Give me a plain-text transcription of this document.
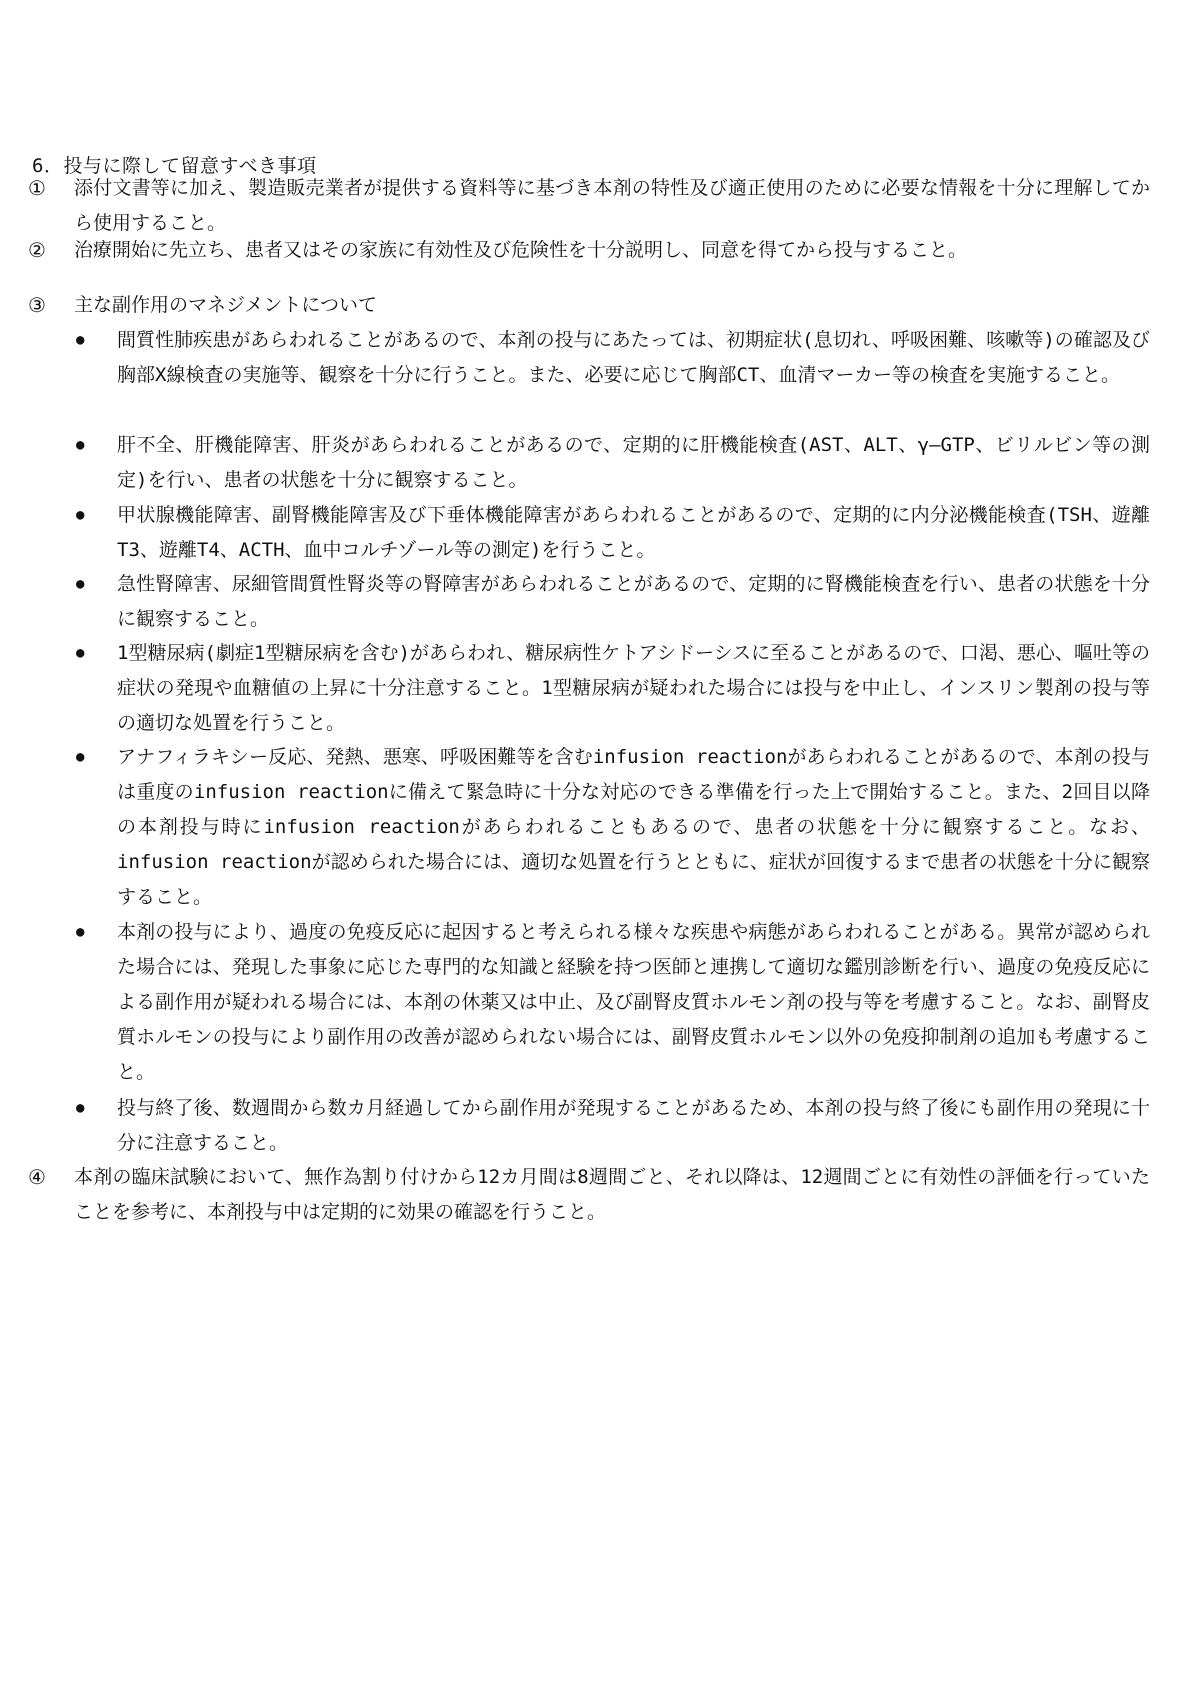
6．投与に際して留意すべき事項
① 添付文書等に加え、製造販売業者が提供する資料等に基づき本剤の特性及び適正使用のために必要な情報を十分に理解してから使用すること。
② 治療開始に先立ち、患者又はその家族に有効性及び危険性を十分説明し、同意を得てから投与すること。
③ 主な副作用のマネジメントについて
● 間質性肺疾患があらわれることがあるので、本剤の投与にあたっては、初期症状(息切れ、呼吸困難、咳嗽等)の確認及び胸部X線検査の実施等、観察を十分に行うこと。また、必要に応じて胸部CT、血清マーカー等の検査を実施すること。
● 肝不全、肝機能障害、肝炎があらわれることがあるので、定期的に肝機能検査(AST、ALT、γ―GTP、ビリルビン等の測定)を行い、患者の状態を十分に観察すること。
● 甲状腺機能障害、副腎機能障害及び下垂体機能障害があらわれることがあるので、定期的に内分泌機能検査(TSH、遊離T3、遊離T4、ACTH、血中コルチゾール等の測定)を行うこと。
● 急性腎障害、尿細管間質性腎炎等の腎障害があらわれることがあるので、定期的に腎機能検査を行い、患者の状態を十分に観察すること。
● 1型糖尿病(劇症1型糖尿病を含む)があらわれ、糖尿病性ケトアシドーシスに至ることがあるので、口渇、悪心、嘔吐等の症状の発現や血糖値の上昇に十分注意すること。1型糖尿病が疑われた場合には投与を中止し、インスリン製剤の投与等の適切な処置を行うこと。
● アナフィラキシー反応、発熱、悪寒、呼吸困難等を含むinfusion reactionがあらわれることがあるので、本剤の投与は重度のinfusion reactionに備えて緊急時に十分な対応のできる準備を行った上で開始すること。また、2回目以降の本剤投与時にinfusion reactionがあらわれることもあるので、患者の状態を十分に観察すること。なお、infusion reactionが認められた場合には、適切な処置を行うとともに、症状が回復するまで患者の状態を十分に観察すること。
● 本剤の投与により、過度の免疫反応に起因すると考えられる様々な疾患や病態があらわれることがある。異常が認められた場合には、発現した事象に応じた専門的な知識と経験を持つ医師と連携して適切な鑑別診断を行い、過度の免疫反応による副作用が疑われる場合には、本剤の休薬又は中止、及び副腎皮質ホルモン剤の投与等を考慮すること。なお、副腎皮質ホルモンの投与により副作用の改善が認められない場合には、副腎皮質ホルモン以外の免疫抑制剤の追加も考慮すること。
● 投与終了後、数週間から数カ月経過してから副作用が発現することがあるため、本剤の投与終了後にも副作用の発現に十分に注意すること。
④ 本剤の臨床試験において、無作為割り付けから12カ月間は8週間ごと、それ以降は、12週間ごとに有効性の評価を行っていたことを参考に、本剤投与中は定期的に効果の確認を行うこと。
